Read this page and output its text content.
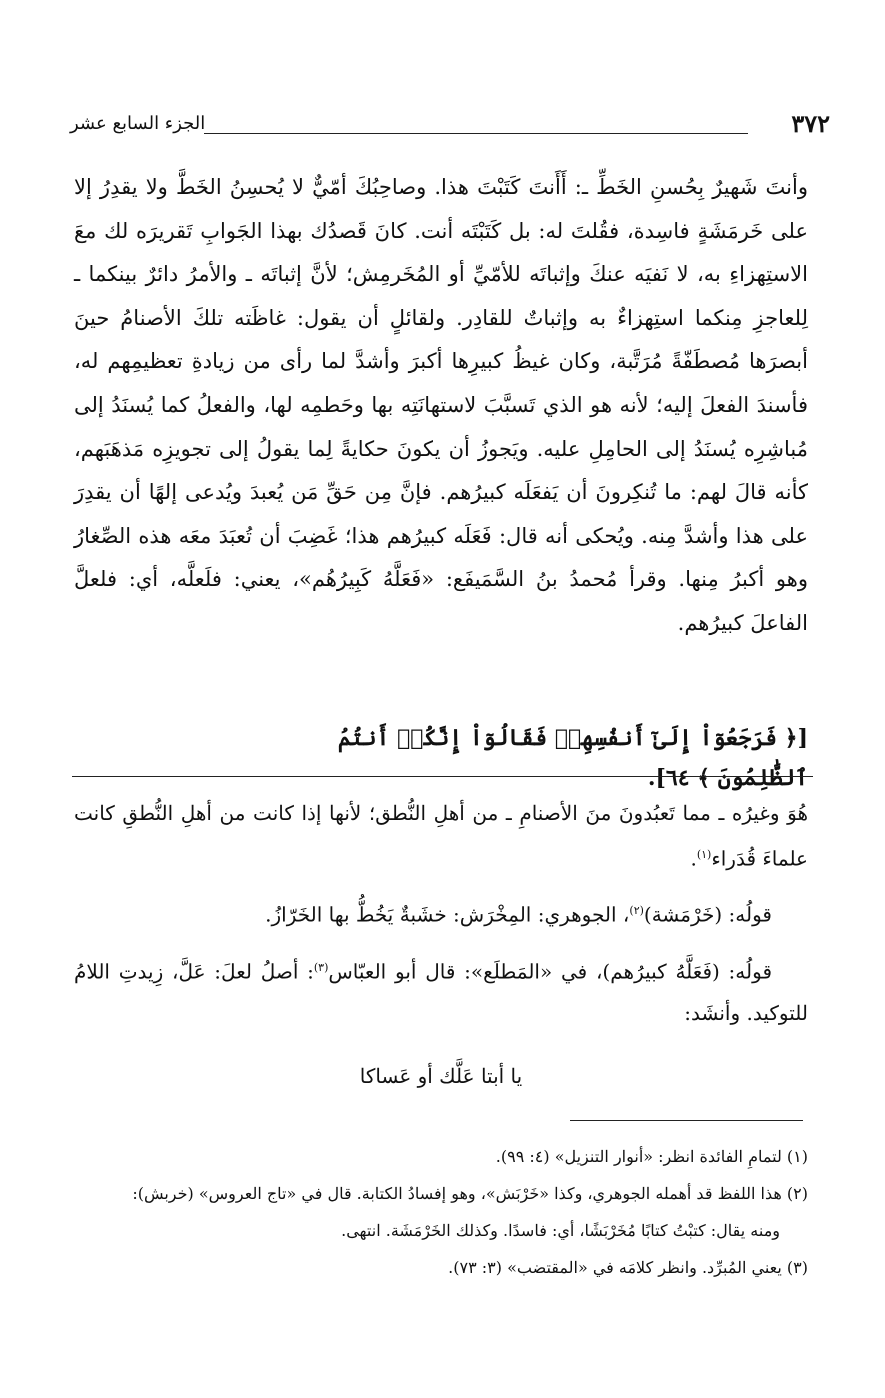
٣٧٢
الجزء السابع عشر

وأنتَ شَهيرٌ بِحُسنِ الخَطِّ ـ: أَأَنتَ كَتَبْتَ هذا. وصاحِبُكَ أمّيٌّ لا يُحسِنُ الخَطَّ ولا يقدِرُ إلا على خَرمَشَةٍ فاسِدة، فقُلتَ له: بل كَتَبْتَه أنت. كانَ قَصدُك بهذا الجَوابِ تَقريرَه لك معَ الاستِهزاءِ به، لا نَفيَه عنكَ وإثباتَه للأمّيِّ أو المُخَرمِش؛ لأنَّ إثباتَه ـ والأمرُ دائرٌ بينكما ـ لِلعاجزِ مِنكما استِهزاءٌ به وإثباتٌ للقادِر. ولقائلٍ أن يقول: غاظَته تلكَ الأصنامُ حينَ أبصرَها مُصطَفّةً مُرَتَّبة، وكان غيظُ كبيرِها أكبرَ وأشدَّ لما رأى من زيادةِ تعظيمِهم له، فأسندَ الفعلَ إليه؛ لأنه هو الذي تَسبَّبَ لاستهانَتِه بها وحَطمِه لها، والفعلُ كما يُسنَدُ إلى مُباشِرِه يُسنَدُ إلى الحامِلِ عليه. ويَجوزُ أن يكونَ حكايةً لِما يقولُ إلى تجويزِه مَذهَبَهم، كأنه قالَ لهم: ما تُنكِرونَ أن يَفعَلَه كبيرُهم. فإنَّ مِن حَقِّ مَن يُعبدَ ويُدعى إلهًا أن يقدِرَ على هذا وأشدَّ مِنه. ويُحكى أنه قال: فَعَلَه كبيرُهم هذا؛ غَضِبَ أن تُعبَدَ معَه هذه الصِّغارُ وهو أكبرُ مِنها. وقرأ مُحمدُ بنُ السَّمَيفَع: «فَعَلَّهُ كَبِيرُهُم»، يعني: فلَعلَّه، أي: فلعلَّ الفاعلَ كبيرُهم.

[﴿ فَرَجَعُوٓاْ إِلَىٰٓ أَنفُسِهِمۡ فَقَالُوٓاْ إِنَّكُمۡ أَنتُمُ ٱلظَّٰلِمُونَ ﴾ ٦٤].

هُوَ وغيرُه ـ مما تَعبُدونَ منَ الأصنامِ ـ من أهلِ النُّطق؛ لأنها إذا كانت من أهلِ النُّطقِ كانت علماءَ قُدَراء$^{(١)}$.

قولُه: (خَرْمَشة)$^{(٢)}$، الجوهري: المِخْرَش: خشَبةٌ يَخُطُّ بها الخَرّازُ.

قولُه: (فَعَلَّهُ كبيرُهم)، في «المَطلَع»: قال أبو العبّاس$^{(٣)}$: أصلُ لعلَ: عَلَّ، زِيدتِ اللامُ للتوكيد. وأنشَد:

يا أبتا عَلَّك أو عَساكا

(١) لتمامِ الفائدة انظر: «أنوار التنزيل» (٤: ٩٩).

(٢) هذا اللفظ قد أهمله الجوهري، وكذا «خَرْبَش»، وهو إفسادُ الكتابة. قال في «تاج العروس» (خربش):

ومنه يقال: كتبْتُ كتابًا مُخَرْبَشًا، أي: فاسدًا. وكذلك الخَرْمَشَة. انتهى.

(٣) يعني المُبرِّد. وانظر كلامَه في «المقتضب» (٣: ٧٣).
